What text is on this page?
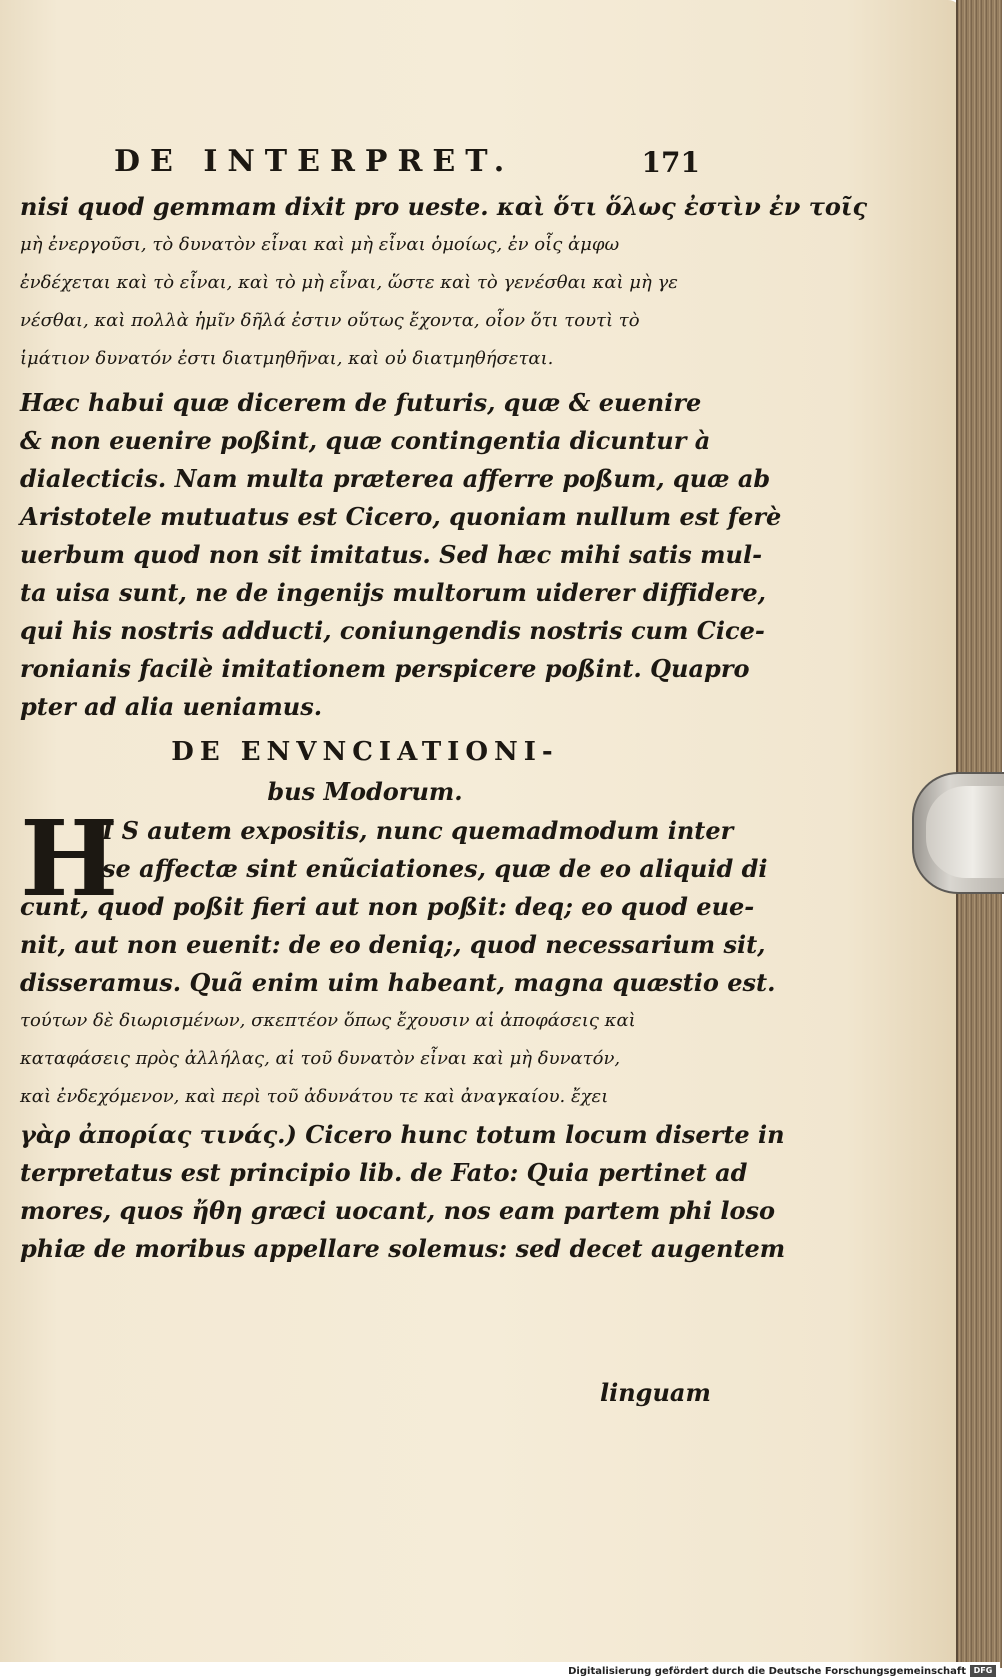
DE INTERPRET.	171
nisi quod gemmam dixit pro ueste. καὶ ὅτι ὅλως ἐστὶν ἐν τοῖς
μὴ ἐνεργοῦσι, τὸ δυνατὸν εἶναι καὶ μὴ εἶναι ὁμοίως, ἐν οἷς ἀμφω
ἐνδέχεται καὶ τὸ εἶναι, καὶ τὸ μὴ εἶναι, ὥστε καὶ τὸ γενέσθαι καὶ μὴ γε
νέσθαι, καὶ πολλὰ ἡμῖν δῆλά ἐστιν οὕτως ἔχοντα, οἷον ὅτι τουτὶ τὸ
ἱμάτιον δυνατόν ἐστι διατμηθῆναι, καὶ οὐ διατμηθήσεται.
Hæc habui quæ dicerem de futuris, quæ & euenire
& non euenire poßint, quæ contingentia dicuntur à
dialecticis. Nam multa præterea afferre poßum, quæ ab
Aristotele mutuatus est Cicero, quoniam nullum est ferè
uerbum quod non sit imitatus. Sed hæc mihi satis mul-
ta uisa sunt, ne de ingenijs multorum uiderer diffidere,
qui his nostris adducti, coniungendis nostris cum Cice-
ronianis facilè imitationem perspicere poßint. Quapro
pter ad alia ueniamus.
DE ENVNCIATIONI-
bus Modorum.
H
I S autem expositis, nunc quemadmodum inter
se affectæ sint enũciationes, quæ de eo aliquid di
cunt, quod poßit fieri aut non poßit: deq; eo quod eue-
nit, aut non euenit: de eo deniq;, quod necessarium sit,
disseramus. Quã enim uim habeant, magna quæstio est.
τούτων δὲ διωρισμένων, σκεπτέον ὅπως ἔχουσιν αἱ ἀποφάσεις καὶ
καταφάσεις πρὸς ἀλλήλας, αἱ τοῦ δυνατὸν εἶναι καὶ μὴ δυνατόν,
καὶ ἐνδεχόμενον, καὶ περὶ τοῦ ἀδυνάτου τε καὶ ἀναγκαίου. ἔχει
γὰρ ἀπορίας τινάς.) Cicero hunc totum locum diserte in
terpretatus est principio lib. de Fato: Quia pertinet ad
mores, quos ἤθη græci uocant, nos eam partem phi loso
phiæ de moribus appellare solemus: sed decet augentem
linguam
Digitalisierung gefördert durch die Deutsche Forschungsgemeinschaft DFG
